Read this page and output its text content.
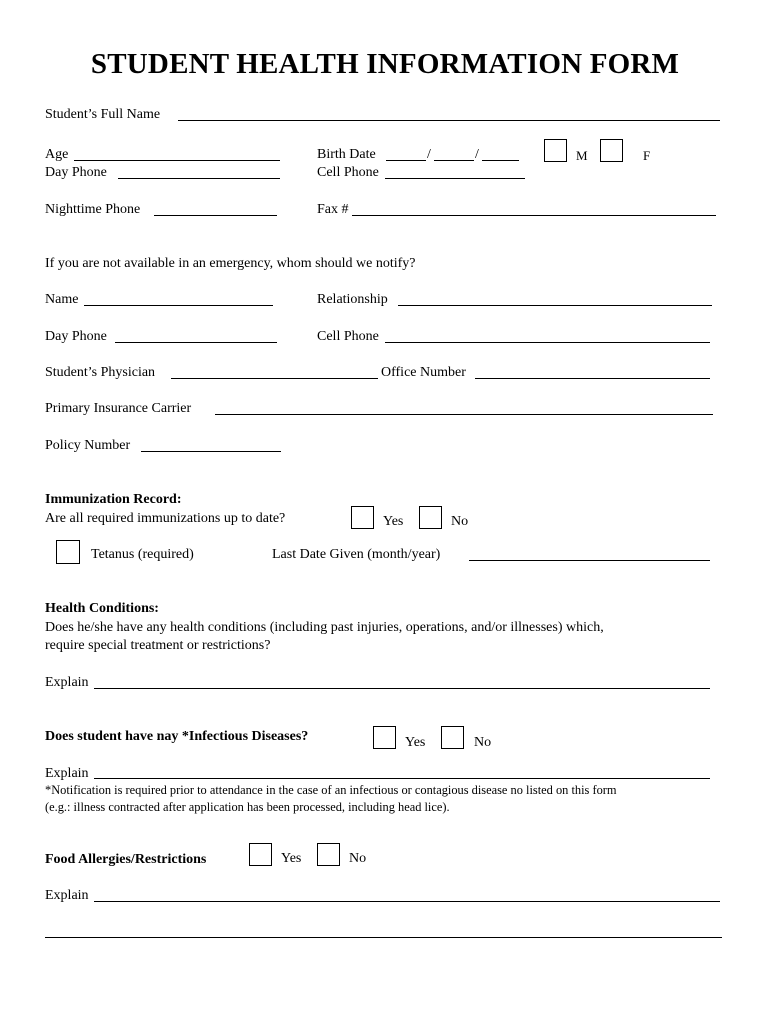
STUDENT HEALTH INFORMATION FORM
Student’s Full Name
Age	Birth Date	/	/	M	F
Day Phone	Cell Phone
Nighttime Phone	Fax #
If you are not available in an emergency, whom should we notify?
Name	Relationship
Day Phone	Cell Phone
Student’s Physician	Office Number
Primary Insurance Carrier
Policy Number
Immunization Record:
Are all required immunizations up to date?	Yes	No
Tetanus (required)	Last Date Given (month/year)
Health Conditions:
Does he/she have any health conditions (including past injuries, operations, and/or illnesses) which,
require special treatment or restrictions?
Explain
Does student have nay *Infectious Diseases?	Yes	No
Explain
*Notification is required prior to attendance in the case of an infectious or contagious disease no listed on this form
(e.g.: illness contracted after application has been processed, including head lice).
Food Allergies/Restrictions	Yes	No
Explain
